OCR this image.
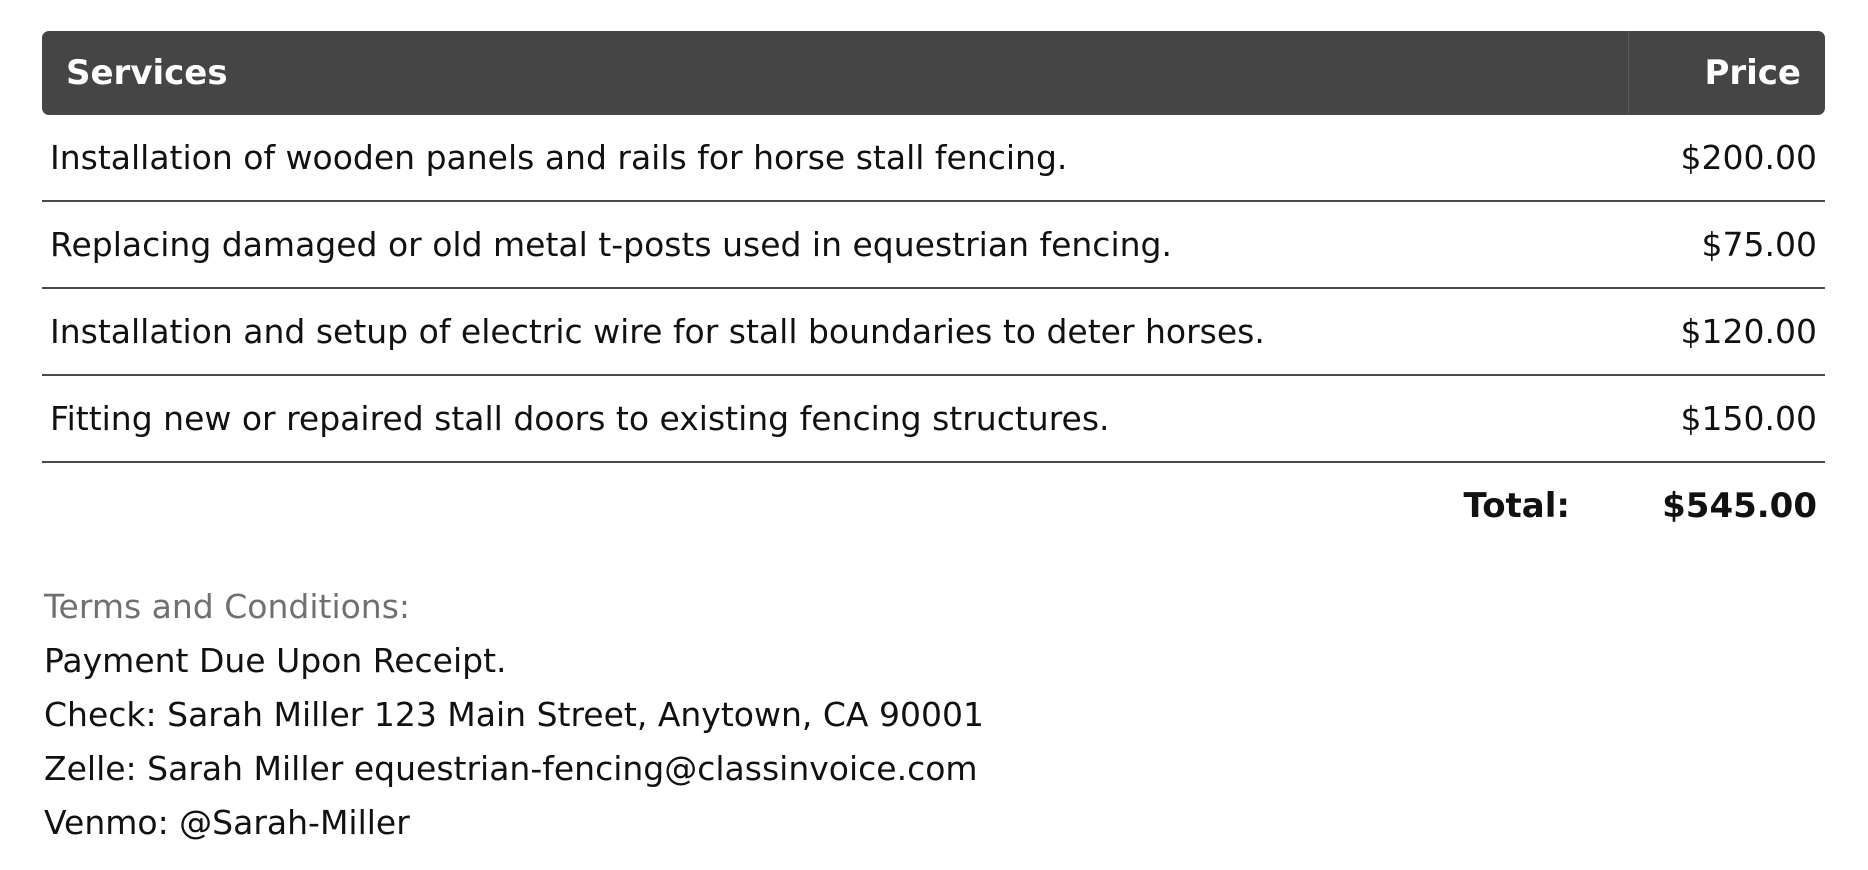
Services	Price
Installation of wooden panels and rails for horse stall fencing.	$200.00
Replacing damaged or old metal t-posts used in equestrian fencing.	$75.00
Installation and setup of electric wire for stall boundaries to deter horses.	$120.00
Fitting new or repaired stall doors to existing fencing structures.	$150.00
Total:	$545.00
Terms and Conditions:
Payment Due Upon Receipt.
Check: Sarah Miller 123 Main Street, Anytown, CA 90001
Zelle: Sarah Miller equestrian-fencing@classinvoice.com
Venmo: @Sarah-Miller
